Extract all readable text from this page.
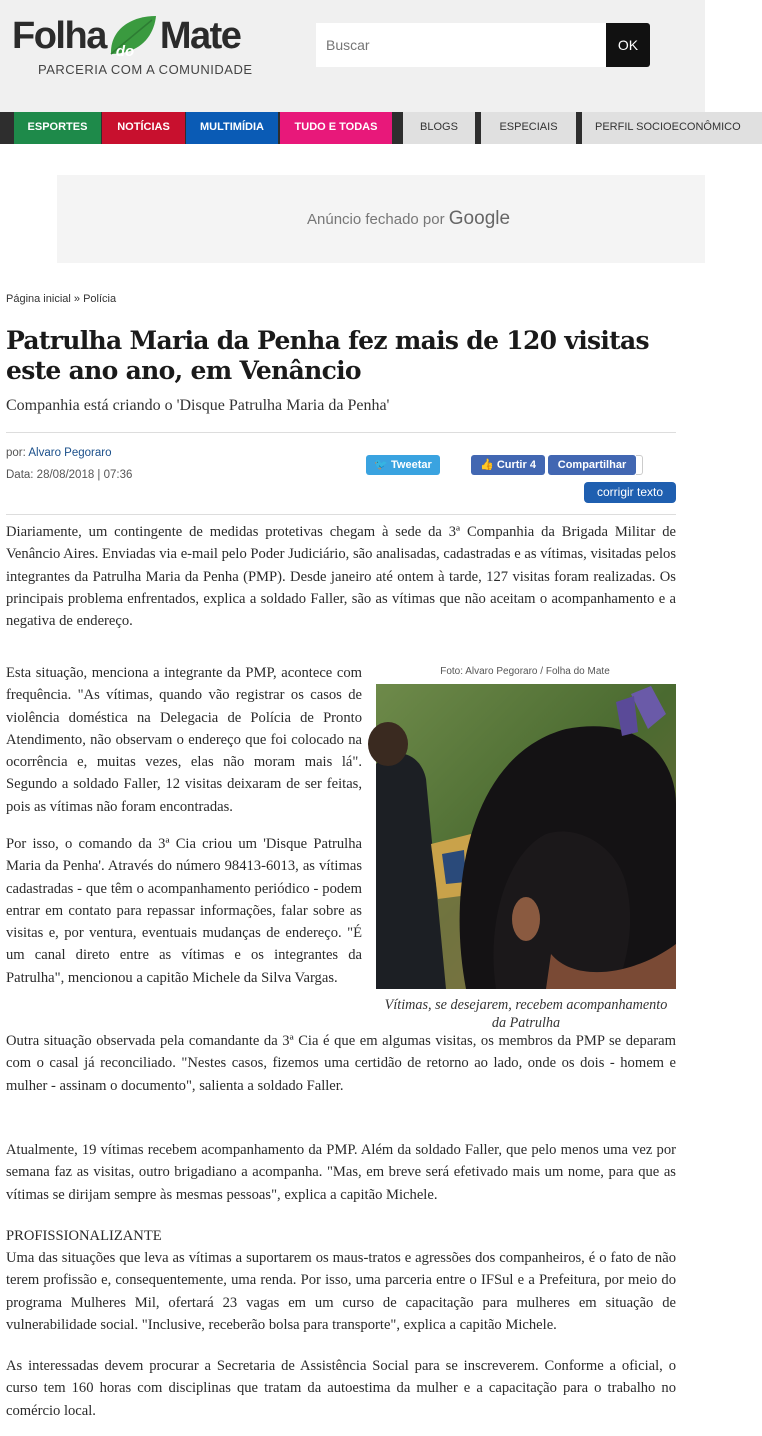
Folha do Mate
PARCERIA COM A COMUNIDADE
Buscar
OK
ESPORTES	NOTÍCIAS	MULTIMÍDIA	TUDO E TODAS	BLOGS	ESPECIAIS	PERFIL SOCIOECONÔMICO
Anúncio fechado por Google
Página inicial » Polícia
Patrulha Maria da Penha fez mais de 120 visitas este ano ano, em Venâncio
Companhia está criando o 'Disque Patrulha Maria da Penha'
por: Alvaro Pegoraro
Data: 28/08/2018 | 07:36
🐦 Tweetar	👍 Curtir 4	Compartilhar
corrigir texto

Diariamente, um contingente de medidas protetivas chegam à sede da 3ª Companhia da Brigada Militar de Venâncio Aires. Enviadas via e-mail pelo Poder Judiciário, são analisadas, cadastradas e as vítimas, visitadas pelos integrantes da Patrulha Maria da Penha (PMP). Desde janeiro até ontem à tarde, 127 visitas foram realizadas. Os principais problema enfrentados, explica a soldado Faller, são as vítimas que não aceitam o acompanhamento e a negativa de endereço.

Esta situação, menciona a integrante da PMP, acontece com frequência. "As vítimas, quando vão registrar os casos de violência doméstica na Delegacia de Polícia de Pronto Atendimento, não observam o endereço que foi colocado na ocorrência e, muitas vezes, elas não moram mais lá". Segundo a soldado Faller, 12 visitas deixaram de ser feitas, pois as vítimas não foram encontradas.

Por isso, o comando da 3ª Cia criou um 'Disque Patrulha Maria da Penha'. Através do número 98413-6013, as vítimas cadastradas - que têm o acompanhamento periódico - podem entrar em contato para repassar informações, falar sobre as visitas e, por ventura, eventuais mudanças de endereço. "É um canal direto entre as vítimas e os integrantes da Patrulha", mencionou a capitão Michele da Silva Vargas.

Foto: Alvaro Pegoraro / Folha do Mate
Vítimas, se desejarem, recebem acompanhamento da Patrulha

Outra situação observada pela comandante da 3ª Cia é que em algumas visitas, os membros da PMP se deparam com o casal já reconciliado. "Nestes casos, fizemos uma certidão de retorno ao lado, onde os dois - homem e mulher - assinam o documento", salienta a soldado Faller.

Atualmente, 19 vítimas recebem acompanhamento da PMP. Além da soldado Faller, que pelo menos uma vez por semana faz as visitas, outro brigadiano a acompanha. "Mas, em breve será efetivado mais um nome, para que as vítimas se dirijam sempre às mesmas pessoas", explica a capitão Michele.

PROFISSIONALIZANTE

Uma das situações que leva as vítimas a suportarem os maus-tratos e agressões dos companheiros, é o fato de não terem profissão e, consequentemente, uma renda. Por isso, uma parceria entre o IFSul e a Prefeitura, por meio do programa Mulheres Mil, ofertará 23 vagas em um curso de capacitação para mulheres em situação de vulnerabilidade social. "Inclusive, receberão bolsa para transporte", explica a capitão Michele.

As interessadas devem procurar a Secretaria de Assistência Social para se inscreverem. Conforme a oficial, o curso tem 160 horas com disciplinas que tratam da autoestima da mulher e a capacitação para o trabalho no comércio local.
